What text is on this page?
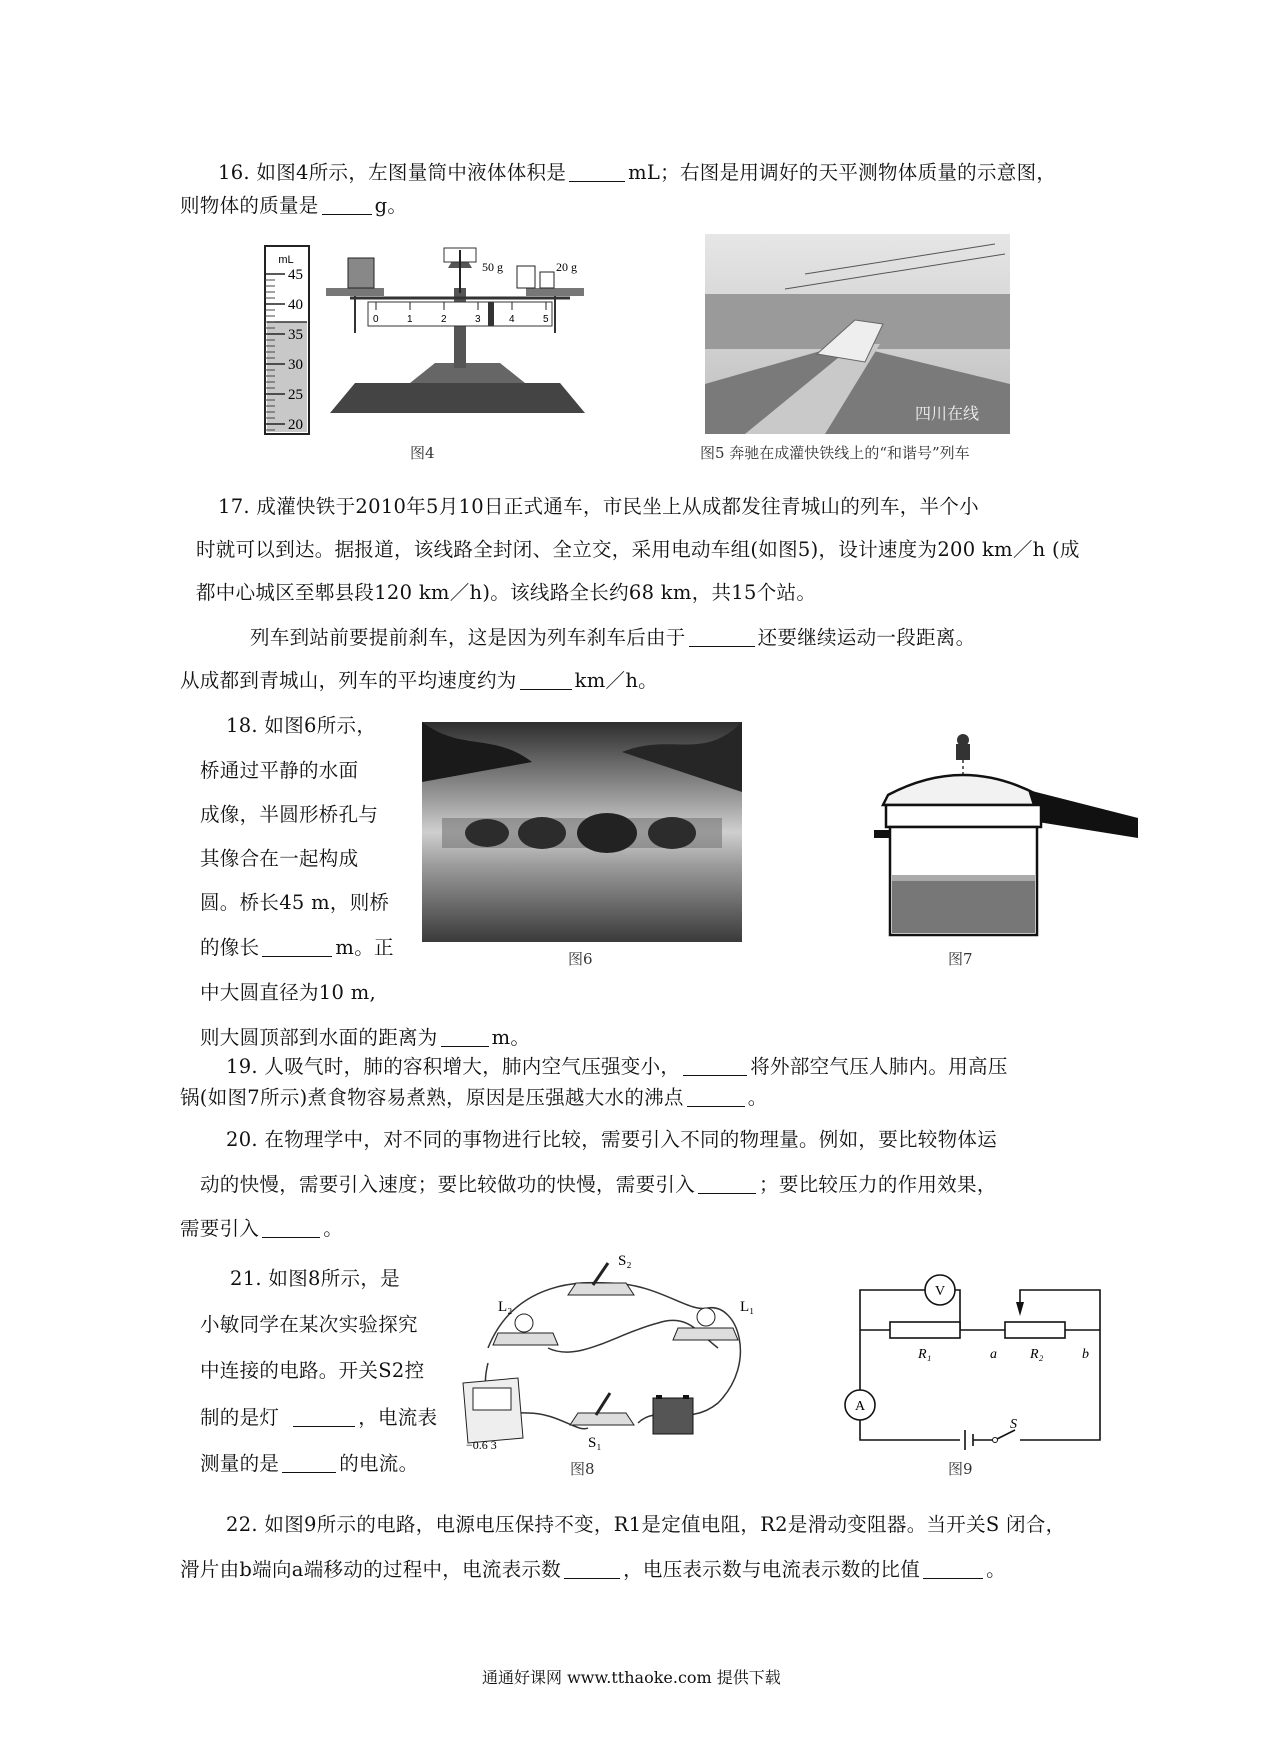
16. 如图4所示，左图量筒中液体体积是	mL；右图是用调好的天平测物体质量的示意图，
则物体的质量是	g。
mL
45
40
35
30
25
20
0	1	2	3	4	5
50 g	20 g
图4
四川在线
图5 奔驰在成灌快铁线上的“和谐号”列车
17. 成灌快铁于2010年5月10日正式通车，市民坐上从成都发往青城山的列车，半个小
时就可以到达。据报道，该线路全封闭、全立交，采用电动车组(如图5)，设计速度为200 km／h (成
都中心城区至郫县段120 km／h)。该线路全长约68 km，共15个站。
列车到站前要提前刹车，这是因为列车刹车后由于	还要继续运动一段距离。
从成都到青城山，列车的平均速度约为	km／h。
18. 如图6所示，
桥通过平静的水面
成像，半圆形桥孔与
其像合在一起构成
圆。桥长45 m，则桥
的像长	m。正
中大圆直径为10 m,
则大圆顶部到水面的距离为	m。
图6	图7
19. 人吸气时，肺的容积增大，肺内空气压强变小，	将外部空气压人肺内。用高压
锅(如图7所示)煮食物容易煮熟，原因是压强越大水的沸点	。
20. 在物理学中，对不同的事物进行比较，需要引入不同的物理量。例如，要比较物体运
动的快慢，需要引入速度；要比较做功的快慢，需要引入	；要比较压力的作用效果，
需要引入	。
21. 如图8所示，是
小敏同学在某次实验探究
中连接的电路。开关S2控
制的是灯	，电流表
测量的是	的电流。
S₂
L₂	L₁
−0.6 3	S₁
图8
A
V
R₁	R₂
a	b
S
图9
22. 如图9所示的电路，电源电压保持不变，R1是定值电阻，R2是滑动变阻器。当开关S 闭合，
滑片由b端向a端移动的过程中，电流表示数	，电压表示数与电流表示数的比值	。
通通好课网 www.tthaoke.com 提供下载
